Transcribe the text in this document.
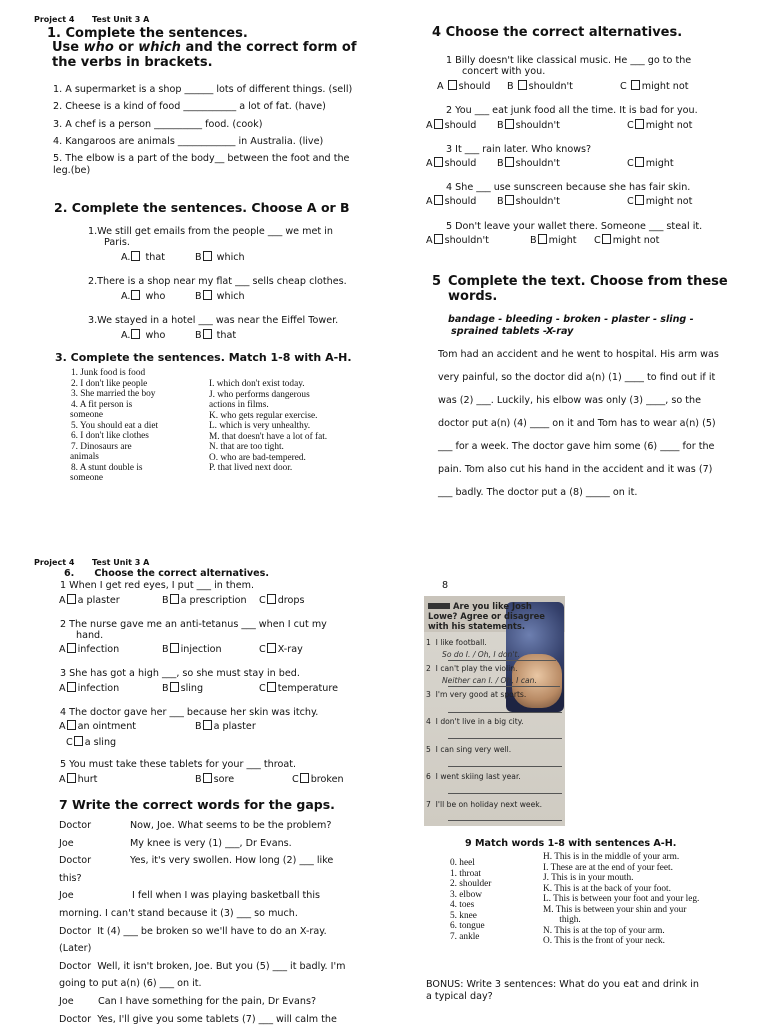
Project 4 Test Unit 3 A
1. Complete the sentences.
Use who or which and the correct form of
the verbs in brackets.
1. A supermarket is a shop ______ lots of different things. (sell)
2. Cheese is a kind of food ___________ a lot of fat. (have)
3. A chef is a person __________ food. (cook)
4. Kangaroos are animals ____________ in Australia. (live)
5. The elbow is a part of the body__ between the foot and the
leg.(be)
2. Complete the sentences. Choose A or B
1.We still get emails from the people ___ we met in
Paris.
A. that	B which
2.There is a shop near my flat ___ sells cheap clothes.
A. who	B which
3.We stayed in a hotel ___ was near the Eiffel Tower.
A. who	B that
3. Complete the sentences. Match 1-8 with A-H.
1. Junk food is food
2. I don't like people
3. She married the boy
4. A fit person is
someone
5. You should eat a diet
6. I don't like clothes
7. Dinosaurs are
animals
8. A stunt double is
someone
I. which don't exist today.
J. who performs dangerous
actions in films.
K. who gets regular exercise.
L. which is very unhealthy.
M. that doesn't have a lot of fat.
N. that are too tight.
O. who are bad-tempered.
P. that lived next door.
4 Choose the correct alternatives.
1 Billy doesn't like classical music. He ___ go to the
concert with you.
A should B shouldn't	C might not
2 You ___ eat junk food all the time. It is bad for you.
A should B shouldn't	C might not
3 It ___ rain later. Who knows?
A should B shouldn't	C might
4 She ___ use sunscreen because she has fair skin.
A should B shouldn't	C might not
5 Don't leave your wallet there. Someone ___ steal it.
A shouldn't	B might C might not
5 Complete the text. Choose from these
words.
bandage - bleeding - broken - plaster - sling -
sprained tablets -X-ray
Tom had an accident and he went to hospital. His arm was
very painful, so the doctor did a(n) (1) ____ to find out if it
was (2) ___. Luckily, his elbow was only (3) ____, so the
doctor put a(n) (4) ____ on it and Tom has to wear a(n) (5)
___ for a week. The doctor gave him some (6) ____ for the
pain. Tom also cut his hand in the accident and it was (7)
___ badly. The doctor put a (8) _____ on it.
Project 4 Test Unit 3 A
6.      Choose the correct alternatives.
1 When I get red eyes, I put ___ in them.
A a plaster	B a prescription C drops
2 The nurse gave me an anti-tetanus ___ when I cut my
hand.
A infection	B injection	C X-ray
3 She has got a high ___, so she must stay in bed.
A infection	B sling	C temperature
4 The doctor gave her ___ because her skin was itchy.
A an ointment	B a plaster
C a sling
5 You must take these tablets for your ___ throat.
A hurt	B sore	C broken
7 Write the correct words for the gaps.
Doctor	Now, Joe. What seems to be the problem?
Joe	My knee is very (1) ___, Dr Evans.
Doctor	Yes, it's very swollen. How long (2) ___ like
this?
Joe	I fell when I was playing basketball this
morning. I can't stand because it (3) ___ so much.
Doctor  It (4) ___ be broken so we'll have to do an X-ray.
(Later)
Doctor  Well, it isn't broken, Joe. But you (5) ___ it badly. I'm
going to put a(n) (6) ___ on it.
Joe	Can I have something for the pain, Dr Evans?
Doctor  Yes, I'll give you some tablets (7) ___ will calm the
8
Are you like Josh
Lowe? Agree or disagree
with his statements.
1 I like football.
So do I. / Oh, I don't.
2 I can't play the violin.
Neither can I. / Oh, I can.
3 I'm very good at sports.
4 I don't live in a big city.
5 I can sing very well.
6 I went skiing last year.
7 I'll be on holiday next week.
9 Match words 1-8 with sentences A-H.
0. heel
1. throat
2. shoulder
3. elbow
4. toes
5. knee
6. tongue
7. ankle
H. This is in the middle of your arm.
I. These are at the end of your feet.
J. This is in your mouth.
K. This is at the back of your foot.
L. This is between your foot and your leg.
M. This is between your shin and your
thigh.
N. This is at the top of your arm.
O. This is the front of your neck.
BONUS: Write 3 sentences: What do you eat and drink in
a typical day?
